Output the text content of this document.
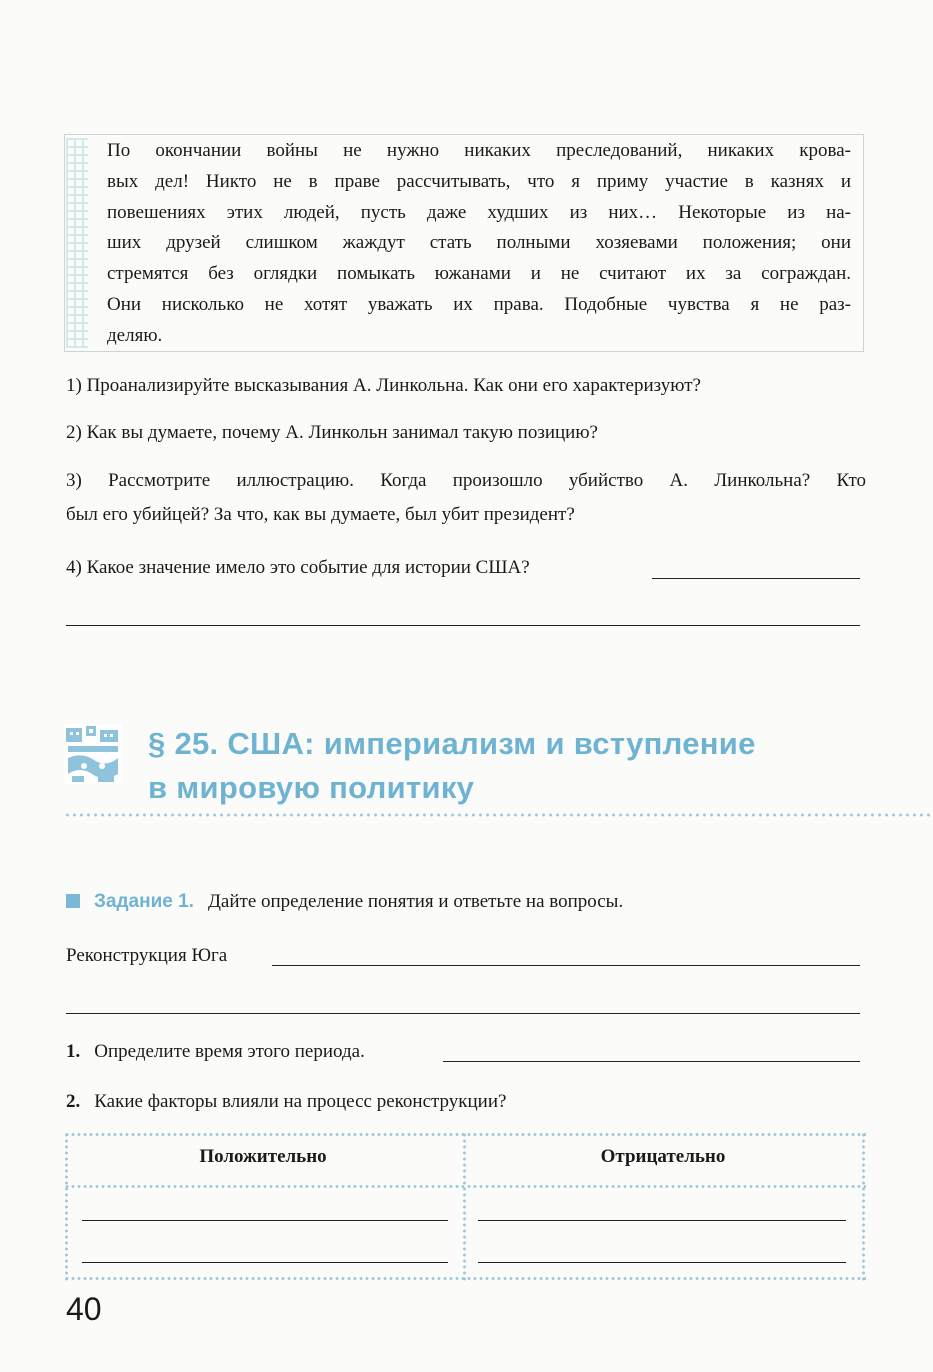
По окончании войны не нужно никаких преследований, никаких крова-
вых дел! Никто не в праве рассчитывать, что я приму участие в казнях и
повешениях этих людей, пусть даже худших из них… Некоторые из на-
ших друзей слишком жаждут стать полными хозяевами положения; они
стремятся без оглядки помыкать южанами и не считают их за сограждан.
Они нисколько не хотят уважать их права. Подобные чувства я не раз-
деляю.
1) Проанализируйте высказывания А. Линкольна. Как они его характеризуют?
2) Как вы думаете, почему А. Линкольн занимал такую позицию?
3) Рассмотрите иллюстрацию. Когда произошло убийство А. Линкольна? Кто
был его убийцей? За что, как вы думаете, был убит президент?
4) Какое значение имело это событие для истории США?
§ 25. США: империализм и вступление
в мировую политику
Задание 1. Дайте определение понятия и ответьте на вопросы.
Реконструкция Юга
1. Определите время этого периода.
2. Какие факторы влияли на процесс реконструкции?
Положительно	Отрицательно
40
